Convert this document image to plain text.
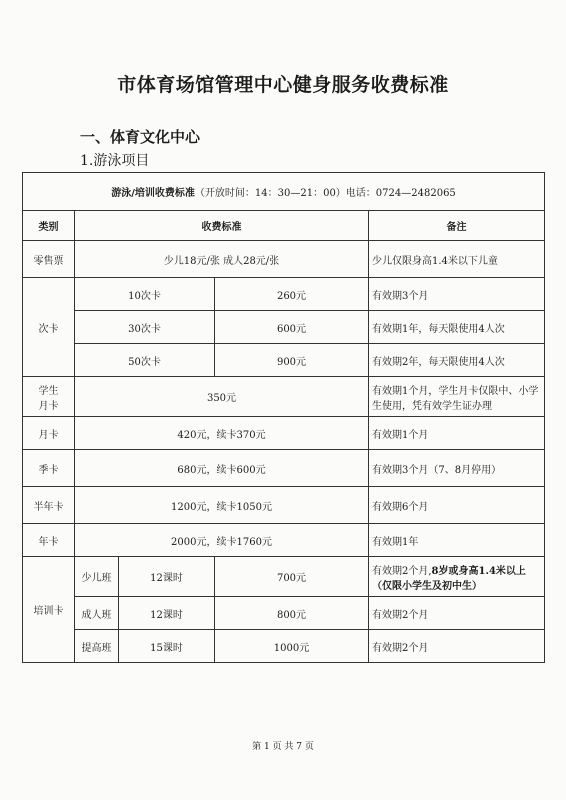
市体育场馆管理中心健身服务收费标准
一、体育文化中心
1.游泳项目
游泳/培训收费标准（开放时间：14：30—21：00）电话：0724—2482065				
类别	收费标准			备注
零售票	少儿18元/张 成人28元/张			少儿仅限身高1.4米以下儿童
次卡	10次卡		260元	有效期3个月
	30次卡		600元	有效期1年，每天限使用4人次
	50次卡		900元	有效期2年，每天限使用4人次
学生
月卡	350元			有效期1个月，学生月卡仅限中、小学生使用，凭有效学生证办理
月卡	420元，续卡370元			有效期1个月
季卡	680元，续卡600元			有效期3个月（7、8月停用）
半年卡	1200元，续卡1050元			有效期6个月
年卡	2000元，续卡1760元			有效期1年
培训卡	少儿班	12课时	700元	有效期2个月,8岁或身高1.4米以上（仅限小学生及初中生）
	成人班	12课时	800元	有效期2个月
	提高班	15课时	1000元	有效期2个月
第 1 页 共 7 页
